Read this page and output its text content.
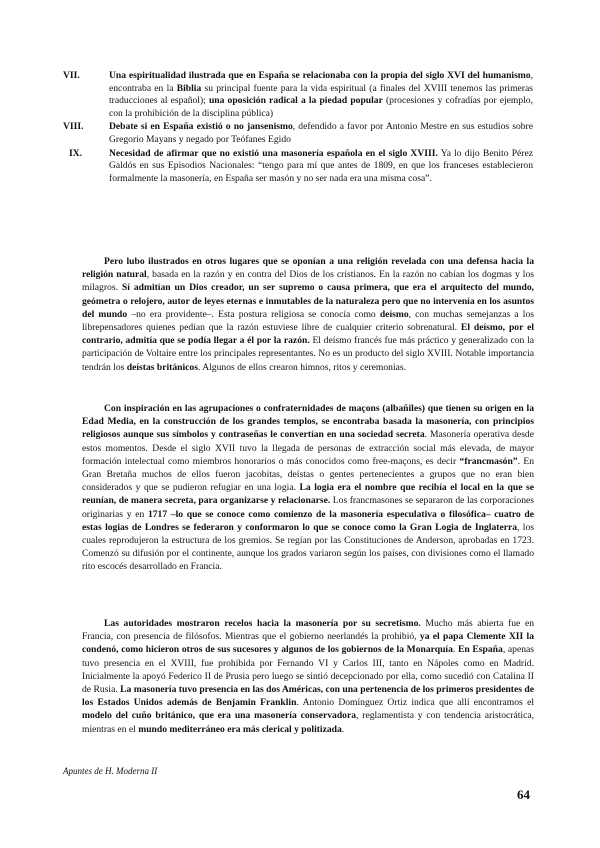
VII.	Una espiritualidad ilustrada que en España se relacionaba con la propia del siglo XVI del humanismo, encontraba en la Biblia su principal fuente para la vida espiritual (a finales del XVIII tenemos las primeras traducciones al español); una oposición radical a la piedad popular (procesiones y cofradías por ejemplo, con la prohibición de la disciplina pública)
VIII.	Debate si en España existió o no jansenismo, defendido a favor por Antonio Mestre en sus estudios sobre Gregorio Mayans y negado por Teófanes Egido
IX.	Necesidad de afirmar que no existió una masonería española en el siglo XVIII. Ya lo dijo Benito Pérez Galdós en sus Episodios Nacionales: “tengo para mí que antes de 1809, en que los franceses establecieron formalmente la masonería, en España ser masón y no ser nada era una misma cosa”.

Pero lubo ilustrados en otros lugares que se oponían a una religión revelada con una defensa hacia la religión natural, basada en la razón y en contra del Dios de los cristianos. En la razón no cabían los dogmas y los milagros. Sí admitían un Dios creador, un ser supremo o causa primera, que era el arquitecto del mundo, geómetra o relojero, autor de leyes eternas e inmutables de la naturaleza pero que no intervenía en los asuntos del mundo –no era providente–. Esta postura religiosa se conocía como deísmo, con muchas semejanzas a los librepensadores quienes pedían que la razón estuviese libre de cualquier criterio sobrenatural. El deísmo, por el contrario, admitía que se podía llegar a él por la razón. El deísmo francés fue más práctico y generalizado con la participación de Voltaire entre los principales representantes. No es un producto del siglo XVIII. Notable importancia tendrán los deístas británicos. Algunos de ellos crearon himnos, ritos y ceremonias.

Con inspiración en las agrupaciones o confraternidades de maçons (albañiles) que tienen su origen en la Edad Media, en la construcción de los grandes templos, se encontraba basada la masonería, con principios religiosos aunque sus símbolos y contraseñas le convertían en una sociedad secreta. Masonería operativa desde estos momentos. Desde el siglo XVII tuvo la llegada de personas de extracción social más elevada, de mayor formación intelectual como miembros honorarios o más conocidos como free-maçons, es decir “francmasón”. En Gran Bretaña muchos de ellos fueron jacobitas, deístas o gentes pertenecientes a grupos que no eran bien considerados y que se pudieron refugiar en una logia. La logia era el nombre que recibía el local en la que se reunían, de manera secreta, para organizarse y relacionarse. Los francmasones se separaron de las corporaciones originarias y en 1717 –lo que se conoce como comienzo de la masonería especulativa o filosófica– cuatro de estas logias de Londres se federaron y conformaron lo que se conoce como la Gran Logia de Inglaterra, los cuales reprodujeron la estructura de los gremios. Se regían por las Constituciones de Anderson, aprobadas en 1723. Comenzó su difusión por el continente, aunque los grados variaron según los países, con divisiones como el llamado rito escocés desarrollado en Francia.

Las autoridades mostraron recelos hacia la masonería por su secretismo. Mucho más abierta fue en Francia, con presencia de filósofos. Mientras que el gobierno neerlandés la prohibió, ya el papa Clemente XII la condenó, como hicieron otros de sus sucesores y algunos de los gobiernos de la Monarquía. En España, apenas tuvo presencia en el XVIII, fue prohibida por Fernando VI y Carlos III, tanto en Nápoles como en Madrid. Inicialmente la apoyó Federico II de Prusia pero luego se sintió decepcionado por ella, como sucedió con Catalina II de Rusia. La masonería tuvo presencia en las dos Américas, con una pertenencia de los primeros presidentes de los Estados Unidos además de Benjamin Franklin. Antonio Domínguez Ortiz indica que allí encontramos el modelo del cuño británico, que era una masonería conservadora, reglamentista y con tendencia aristocrática, mientras en el mundo mediterráneo era más clerical y politizada.

Apuntes de H. Moderna II
64
